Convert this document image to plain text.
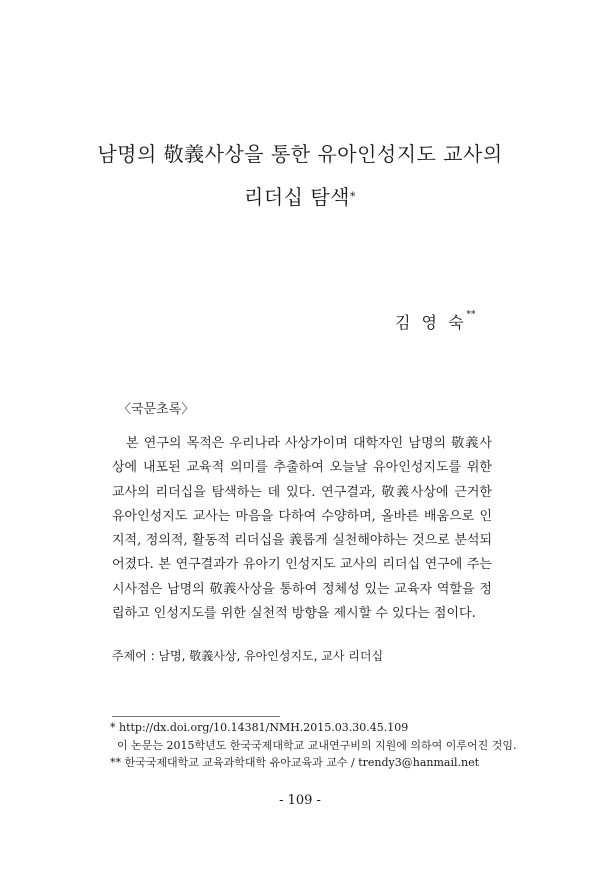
남명의 敬義사상을 통한 유아인성지도 교사의
리더십 탐색*
김 영 숙**
〈국문초록〉

본 연구의 목적은 우리나라 사상가이며 대학자인 남명의 敬義사상에 내포된 교육적 의미를 추출하여 오늘날 유아인성지도를 위한 교사의 리더십을 탐색하는 데 있다. 연구결과, 敬義사상에 근거한 유아인성지도 교사는 마음을 다하여 수양하며, 올바른 배움으로 인지적, 정의적, 활동적 리더십을 義롭게 실천해야하는 것으로 분석되어졌다. 본 연구결과가 유아기 인성지도 교사의 리더십 연구에 주는 시사점은 남명의 敬義사상을 통하여 정체성 있는 교육자 역할을 정립하고 인성지도를 위한 실천적 방향을 제시할 수 있다는 점이다.

주제어 : 남명, 敬義사상, 유아인성지도, 교사 리더십
* http://dx.doi.org/10.14381/NMH.2015.03.30.45.109
이 논문는 2015학년도 한국국제대학교 교내연구비의 지원에 의하여 이루어진 것임.
** 한국국제대학교 교육과학대학 유아교육과 교수 / trendy3@hanmail.net
- 109 -
